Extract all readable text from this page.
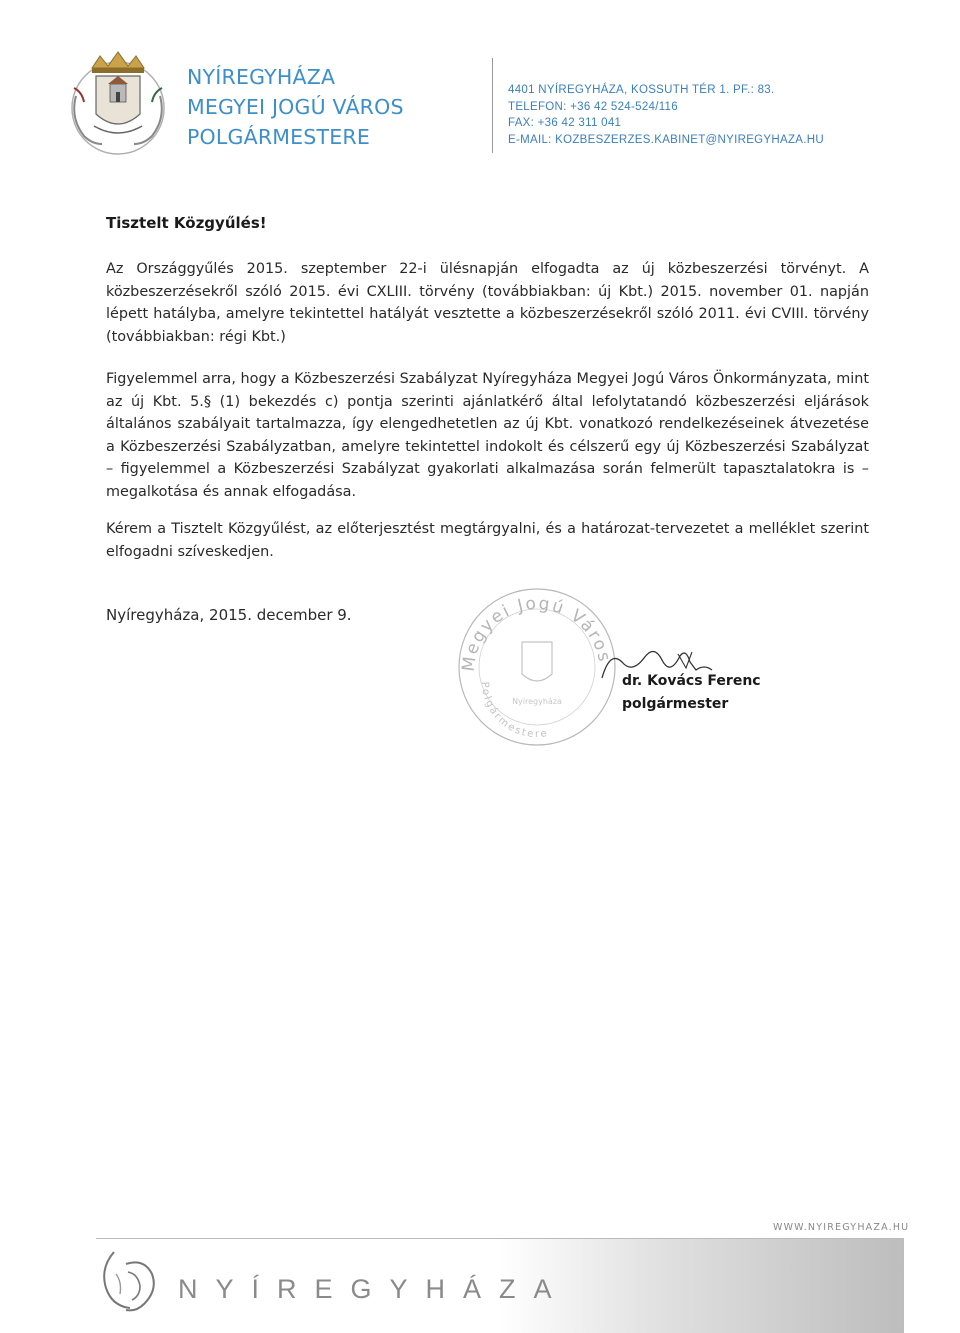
NYÍREGYHÁZA
MEGYEI JOGÚ VÁROS
POLGÁRMESTERE
4401 NYÍREGYHÁZA, KOSSUTH TÉR 1. PF.: 83.
TELEFON: +36 42 524-524/116
FAX: +36 42 311 041
E-MAIL: KOZBESZERZES.KABINET@NYIREGYHAZA.HU
Tisztelt Közgyűlés!
Az Országgyűlés 2015. szeptember 22-i ülésnapján elfogadta az új közbeszerzési törvényt. A közbeszerzésekről szóló 2015. évi CXLIII. törvény (továbbiakban: új Kbt.) 2015. november 01. napján lépett hatályba, amelyre tekintettel hatályát vesztette a közbeszerzésekről szóló 2011. évi CVIII. törvény (továbbiakban: régi Kbt.)
Figyelemmel arra, hogy a Közbeszerzési Szabályzat Nyíregyháza Megyei Jogú Város Önkormányzata, mint az új Kbt. 5.§ (1) bekezdés c) pontja szerinti ajánlatkérő által lefolytatandó közbeszerzési eljárások általános szabályait tartalmazza, így elengedhetetlen az új Kbt. vonatkozó rendelkezéseinek átvezetése a Közbeszerzési Szabályzatban, amelyre tekintettel indokolt és célszerű egy új Közbeszerzési Szabályzat – figyelemmel a Közbeszerzési Szabályzat gyakorlati alkalmazása során felmerült tapasztalatokra is – megalkotása és annak elfogadása.
Kérem a Tisztelt Közgyűlést, az előterjesztést megtárgyalni, és a határozat-tervezetet a melléklet szerint elfogadni szíveskedjen.
Nyíregyháza, 2015. december 9.
Megyei Jogú Város
Polgármestere
Nyíregyháza
dr. Kovács Ferenc
polgármester
WWW.NYIREGYHAZA.HU
NYÍREGYHÁZA
